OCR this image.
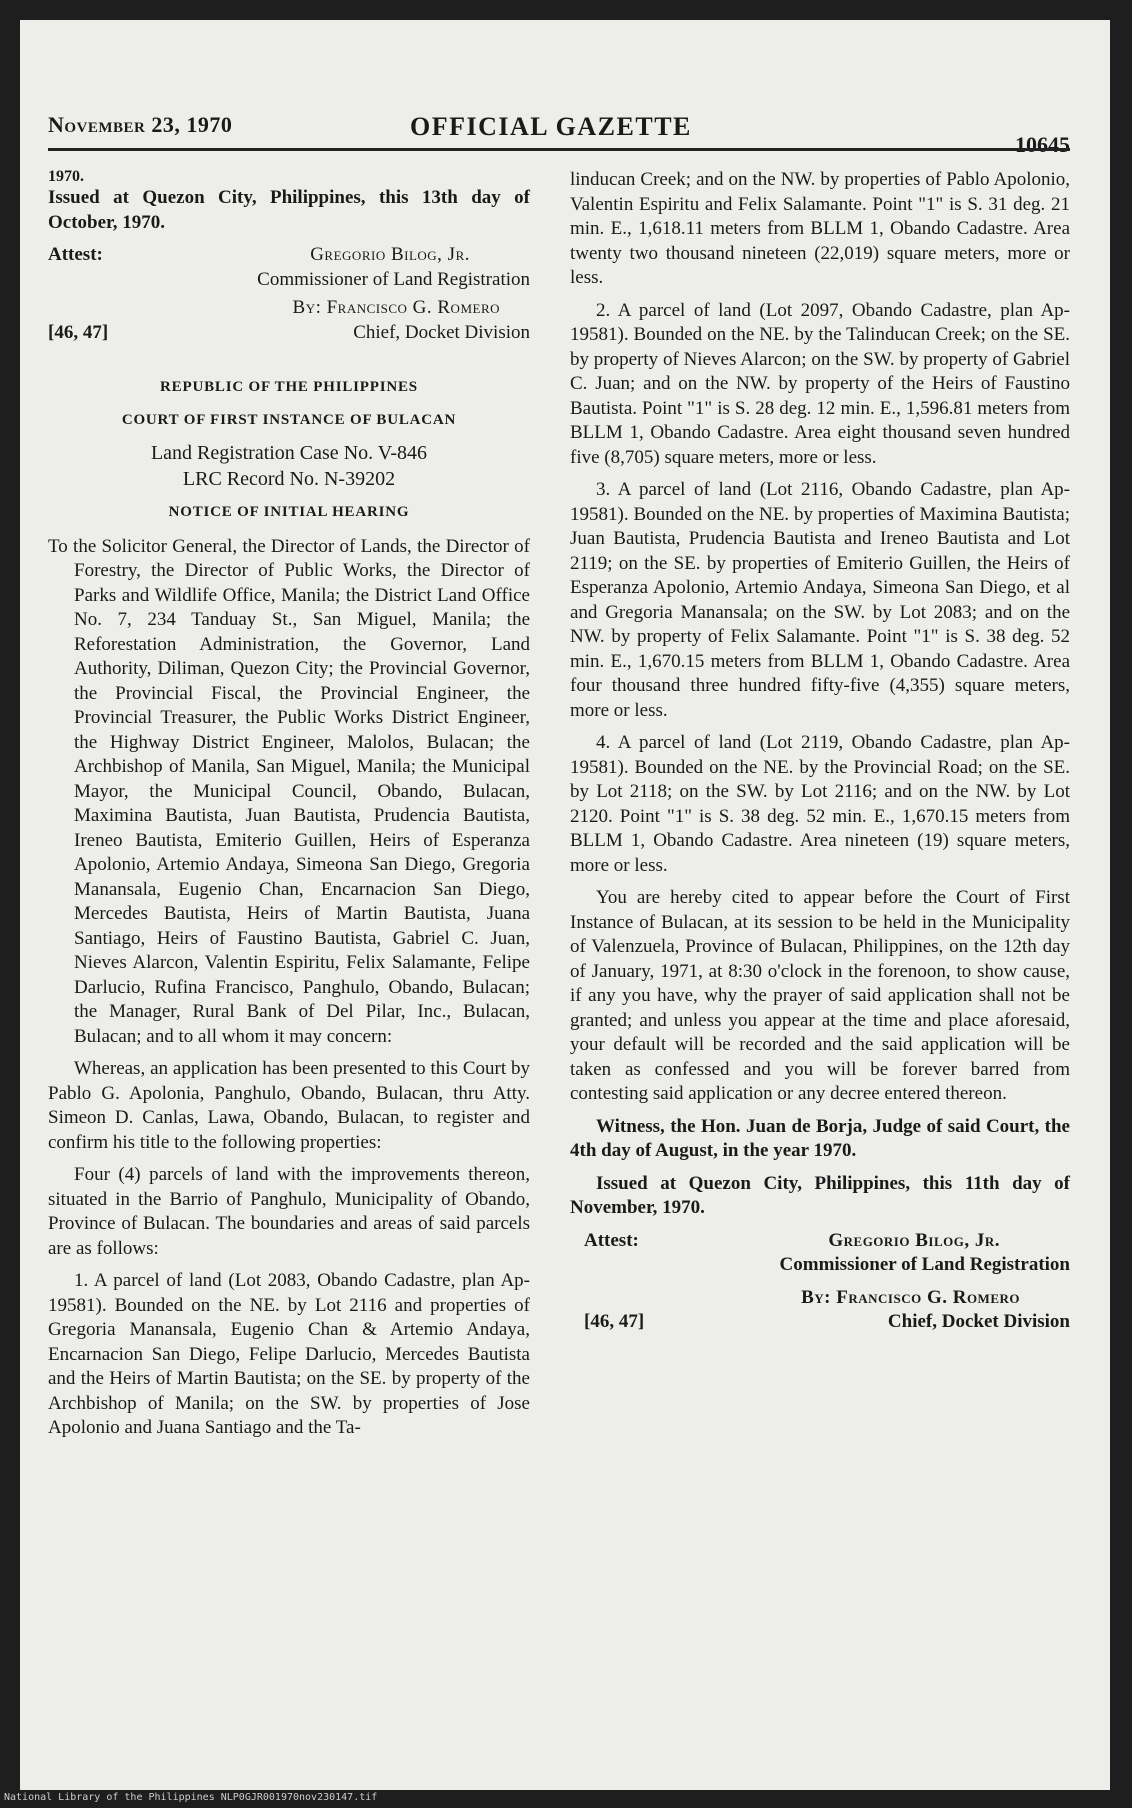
November 23, 1970	OFFICIAL GAZETTE
10645

1970.

Issued at Quezon City, Philippines, this 13th day of October, 1970.

Attest:	Gregorio Bilog, Jr.

Commissioner of Land Registration

By: Francisco G. Romero

[46, 47]	Chief, Docket Division

REPUBLIC OF THE PHILIPPINES

COURT OF FIRST INSTANCE OF BULACAN

Land Registration Case No. V-846
LRC Record No. N-39202

NOTICE OF INITIAL HEARING

To the Solicitor General, the Director of Lands, the Director of Forestry, the Director of Public Works, the Director of Parks and Wildlife Office, Manila; the District Land Office No. 7, 234 Tanduay St., San Miguel, Manila; the Reforestation Administration, the Governor, Land Authority, Diliman, Quezon City; the Provincial Governor, the Provincial Fiscal, the Provincial Engineer, the Provincial Treasurer, the Public Works District Engineer, the Highway District Engineer, Malolos, Bulacan; the Archbishop of Manila, San Miguel, Manila; the Municipal Mayor, the Municipal Council, Obando, Bulacan, Maximina Bautista, Juan Bautista, Prudencia Bautista, Ireneo Bautista, Emiterio Guillen, Heirs of Esperanza Apolonio, Artemio Andaya, Simeona San Diego, Gregoria Manansala, Eugenio Chan, Encarnacion San Diego, Mercedes Bautista, Heirs of Martin Bautista, Juana Santiago, Heirs of Faustino Bautista, Gabriel C. Juan, Nieves Alarcon, Valentin Espiritu, Felix Salamante, Felipe Darlucio, Rufina Francisco, Panghulo, Obando, Bulacan; the Manager, Rural Bank of Del Pilar, Inc., Bulacan, Bulacan; and to all whom it may concern:

Whereas, an application has been presented to this Court by Pablo G. Apolonia, Panghulo, Obando, Bulacan, thru Atty. Simeon D. Canlas, Lawa, Obando, Bulacan, to register and confirm his title to the following properties:

Four (4) parcels of land with the improvements thereon, situated in the Barrio of Panghulo, Municipality of Obando, Province of Bulacan. The boundaries and areas of said parcels are as follows:

1. A parcel of land (Lot 2083, Obando Cadastre, plan Ap-19581). Bounded on the NE. by Lot 2116 and properties of Gregoria Manansala, Eugenio Chan & Artemio Andaya, Encarnacion San Diego, Felipe Darlucio, Mercedes Bautista and the Heirs of Martin Bautista; on the SE. by property of the Archbishop of Manila; on the SW. by properties of Jose Apolonio and Juana Santiago and the Ta-

linducan Creek; and on the NW. by properties of Pablo Apolonio, Valentin Espiritu and Felix Salamante. Point "1" is S. 31 deg. 21 min. E., 1,618.11 meters from BLLM 1, Obando Cadastre. Area twenty two thousand nineteen (22,019) square meters, more or less.

2. A parcel of land (Lot 2097, Obando Cadastre, plan Ap-19581). Bounded on the NE. by the Talinducan Creek; on the SE. by property of Nieves Alarcon; on the SW. by property of Gabriel C. Juan; and on the NW. by property of the Heirs of Faustino Bautista. Point "1" is S. 28 deg. 12 min. E., 1,596.81 meters from BLLM 1, Obando Cadastre. Area eight thousand seven hundred five (8,705) square meters, more or less.

3. A parcel of land (Lot 2116, Obando Cadastre, plan Ap-19581). Bounded on the NE. by properties of Maximina Bautista; Juan Bautista, Prudencia Bautista and Ireneo Bautista and Lot 2119; on the SE. by properties of Emiterio Guillen, the Heirs of Esperanza Apolonio, Artemio Andaya, Simeona San Diego, et al and Gregoria Manansala; on the SW. by Lot 2083; and on the NW. by property of Felix Salamante. Point "1" is S. 38 deg. 52 min. E., 1,670.15 meters from BLLM 1, Obando Cadastre. Area four thousand three hundred fifty-five (4,355) square meters, more or less.

4. A parcel of land (Lot 2119, Obando Cadastre, plan Ap-19581). Bounded on the NE. by the Provincial Road; on the SE. by Lot 2118; on the SW. by Lot 2116; and on the NW. by Lot 2120. Point "1" is S. 38 deg. 52 min. E., 1,670.15 meters from BLLM 1, Obando Cadastre. Area nineteen (19) square meters, more or less.

You are hereby cited to appear before the Court of First Instance of Bulacan, at its session to be held in the Municipality of Valenzuela, Province of Bulacan, Philippines, on the 12th day of January, 1971, at 8:30 o'clock in the forenoon, to show cause, if any you have, why the prayer of said application shall not be granted; and unless you appear at the time and place aforesaid, your default will be recorded and the said application will be taken as confessed and you will be forever barred from contesting said application or any decree entered thereon.

Witness, the Hon. Juan de Borja, Judge of said Court, the 4th day of August, in the year 1970.

Issued at Quezon City, Philippines, this 11th day of November, 1970.

Attest:	Gregorio Bilog, Jr.

Commissioner of Land Registration

By: Francisco G. Romero

[46, 47]	Chief, Docket Division
National Library of the Philippines NLP0GJR001970nov230147.tif
